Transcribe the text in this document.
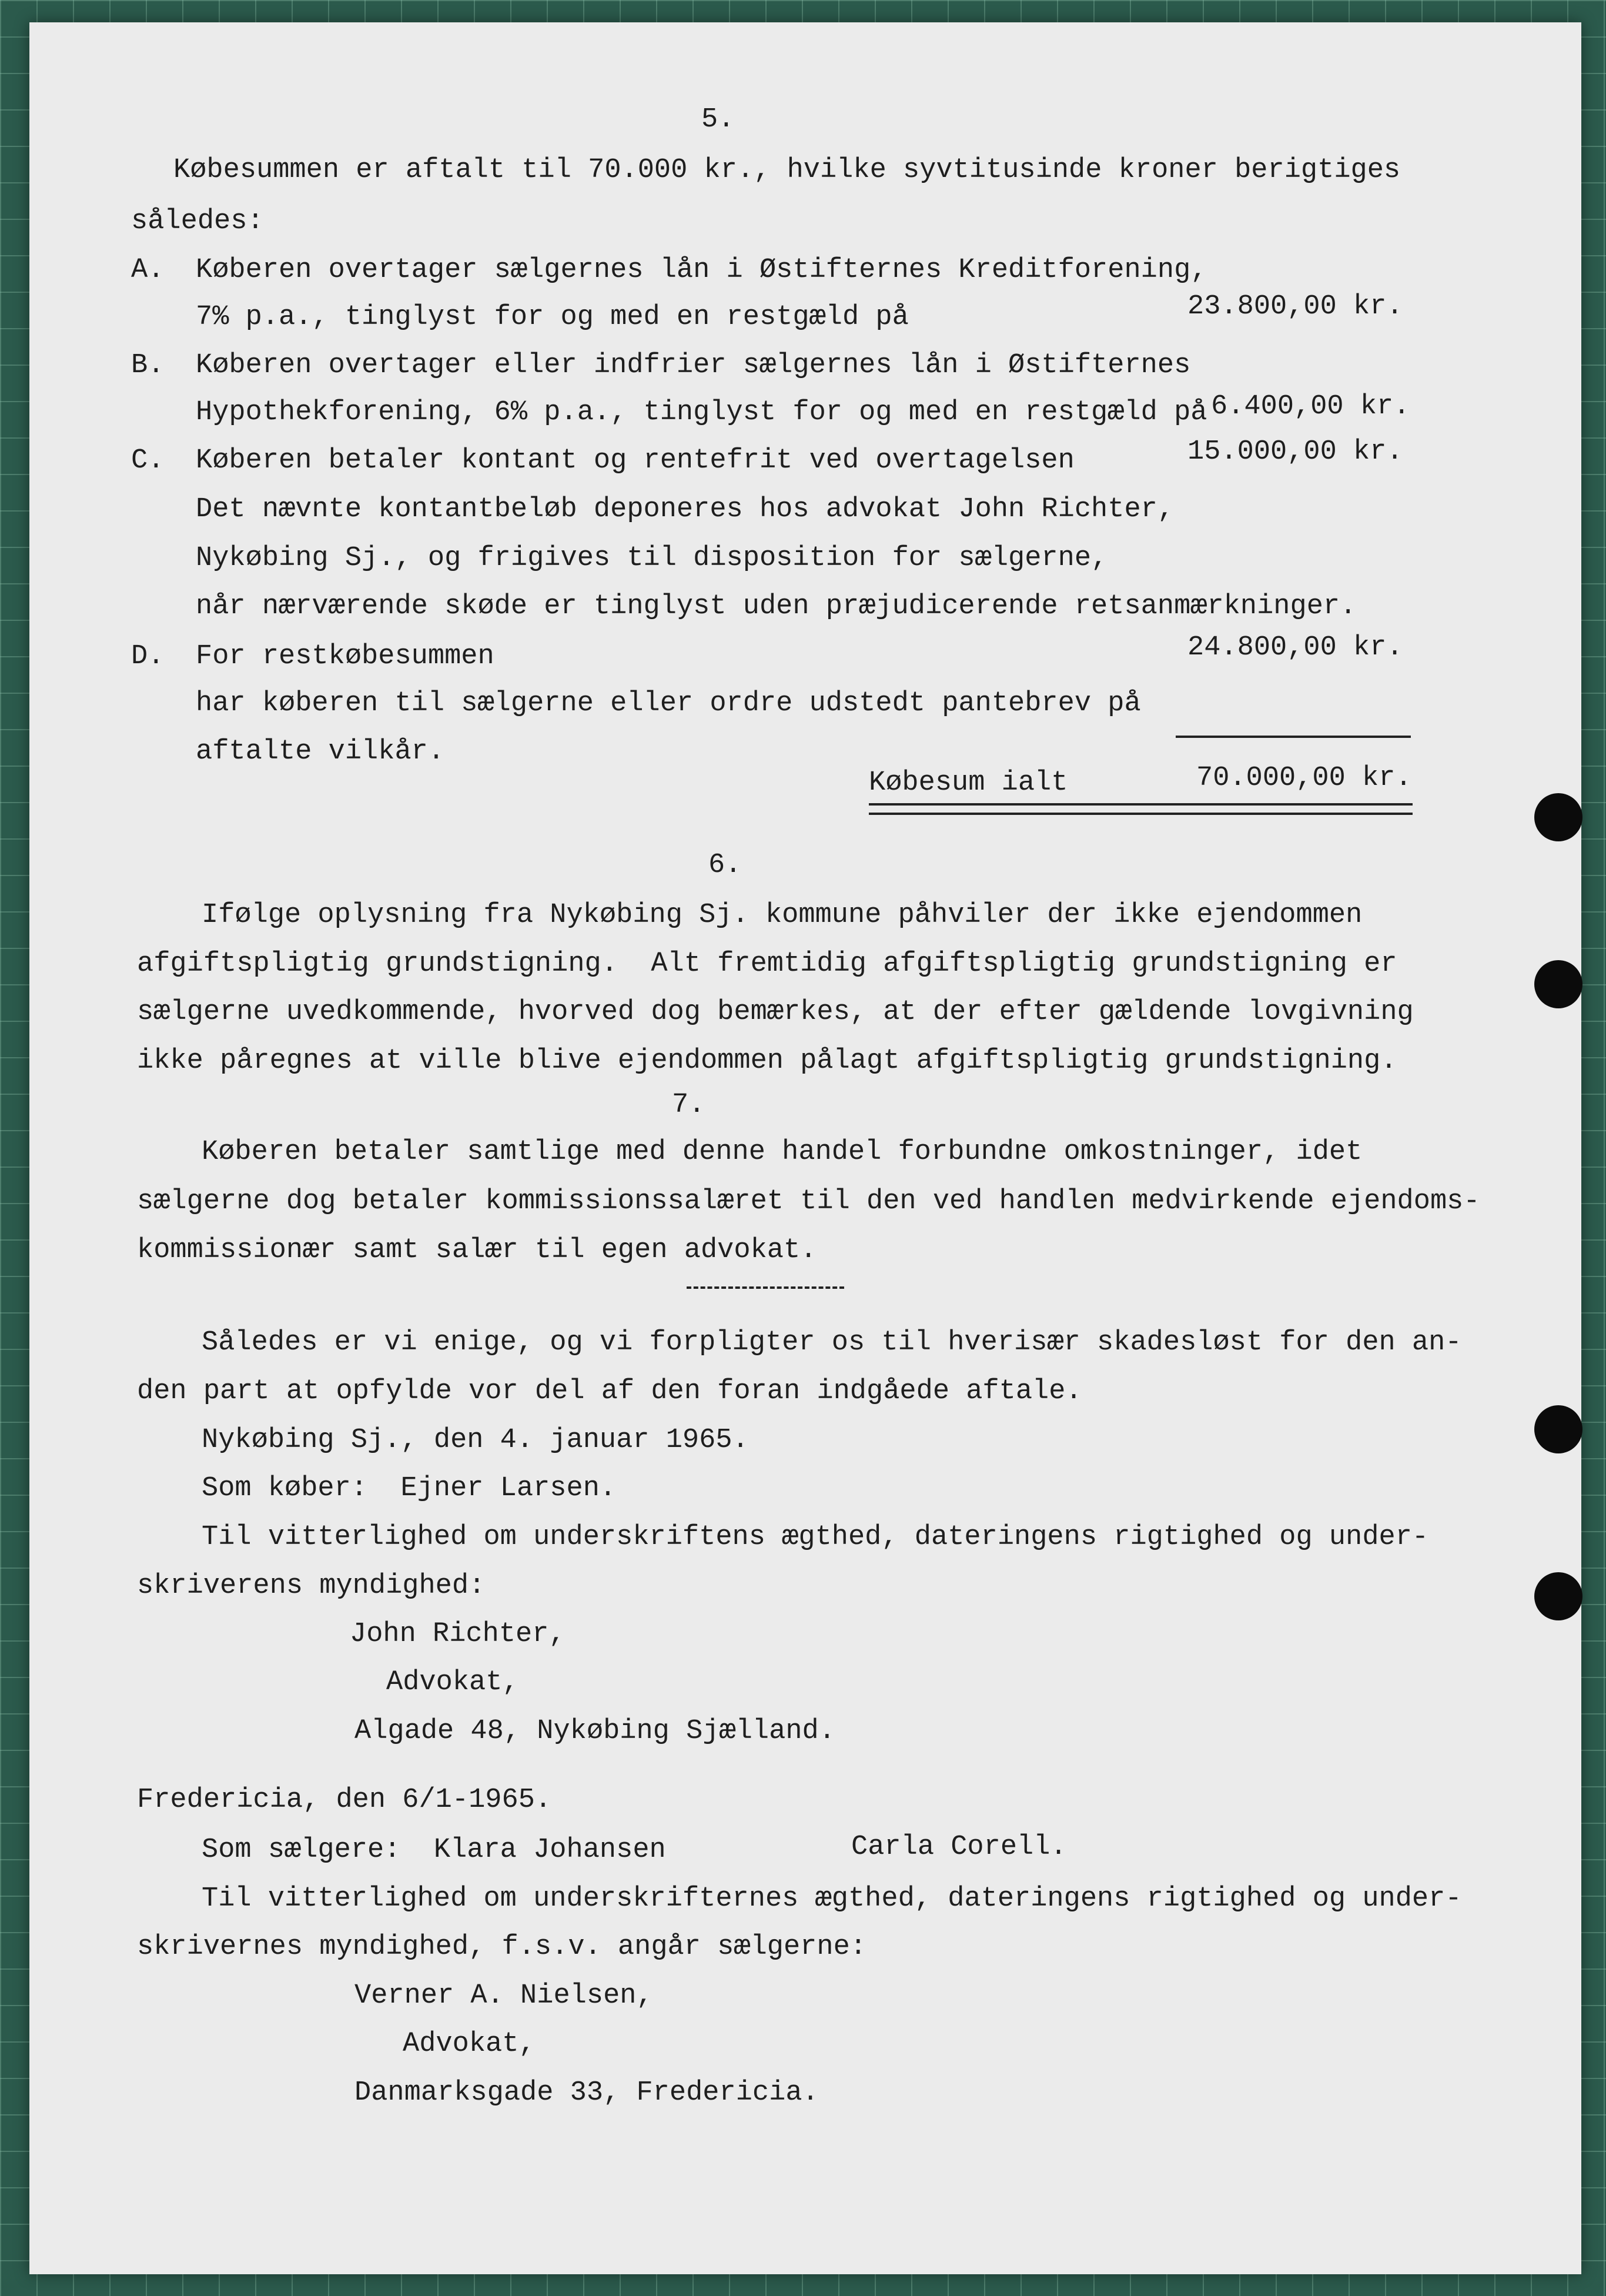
5.
Købesummen er aftalt til 70.000 kr., hvilke syvtitusinde kroner berigtiges
således:
A. Køberen overtager sælgernes lån i Østifternes Kreditforening,
7% p.a., tinglyst for og med en restgæld på	23.800,00 kr.
B. Køberen overtager eller indfrier sælgernes lån i Østifternes
Hypothekforening, 6% p.a., tinglyst for og med en restgæld på 6.400,00 kr.
C. Køberen betaler kontant og rentefrit ved overtagelsen	15.000,00 kr.
Det nævnte kontantbeløb deponeres hos advokat John Richter,
Nykøbing Sj., og frigives til disposition for sælgerne,
når nærværende skøde er tinglyst uden præjudicerende retsanmærkninger.
D. For restkøbesummen	24.800,00 kr.
har køberen til sælgerne eller ordre udstedt pantebrev på
aftalte vilkår.
Købesum ialt	70.000,00 kr.
6.
Ifølge oplysning fra Nykøbing Sj. kommune påhviler der ikke ejendommen
afgiftspligtig grundstigning.  Alt fremtidig afgiftspligtig grundstigning er
sælgerne uvedkommende, hvorved dog bemærkes, at der efter gældende lovgivning
ikke påregnes at ville blive ejendommen pålagt afgiftspligtig grundstigning.
7.
Køberen betaler samtlige med denne handel forbundne omkostninger, idet
sælgerne dog betaler kommissionssalæret til den ved handlen medvirkende ejendoms-
kommissionær samt salær til egen advokat.
Således er vi enige, og vi forpligter os til hverisær skadesløst for den an-
den part at opfylde vor del af den foran indgåede aftale.
Nykøbing Sj., den 4. januar 1965.
Som køber:  Ejner Larsen.
Til vitterlighed om underskriftens ægthed, dateringens rigtighed og under-
skriverens myndighed:
John Richter,
Advokat,
Algade 48, Nykøbing Sjælland.
Fredericia, den 6/1-1965.
Som sælgere:  Klara Johansen	Carla Corell.
Til vitterlighed om underskrifternes ægthed, dateringens rigtighed og under-
skrivernes myndighed, f.s.v. angår sælgerne:
Verner A. Nielsen,
Advokat,
Danmarksgade 33, Fredericia.
